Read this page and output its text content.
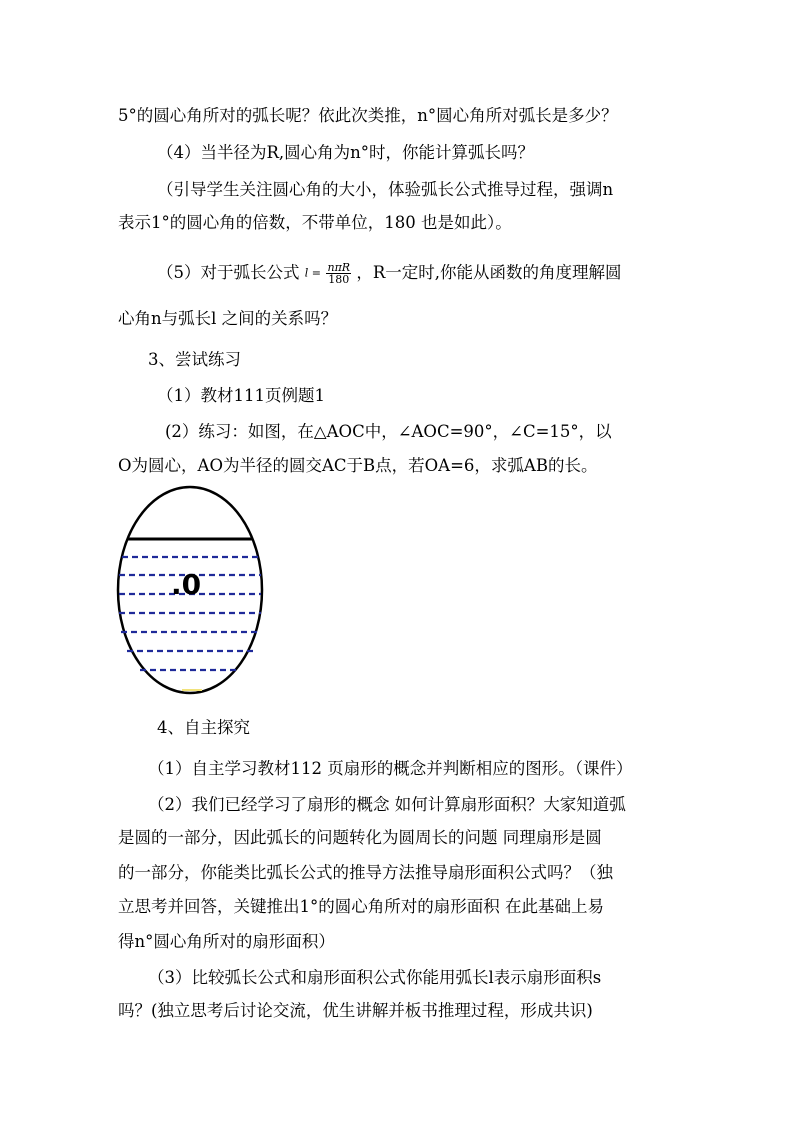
5°的圆心角所对的弧长呢？依此次类推，n°圆心角所对弧长是多少？
（4）当半径为R,圆心角为n°时，你能计算弧长吗？
（引导学生关注圆心角的大小，体验弧长公式推导过程，强调n
表示1°的圆心角的倍数，不带单位，180 也是如此）。
（5）对于弧长公式 $l = \frac{\text{nπR}}{180}$ ，R一定时,你能从函数的角度理解圆
心角n与弧长l 之间的关系吗？
3、尝试练习
（1）教材111页例题1
(2）练习：如图，在△AOC中，∠AOC=90°，∠C=15°，以
O为圆心，AO为半径的圆交AC于B点，若OA=6，求弧AB的长。
.0
4、自主探究
（1）自主学习教材112 页扇形的概念并判断相应的图形。（课件）
（2）我们已经学习了扇形的概念 如何计算扇形面积？大家知道弧
是圆的一部分，因此弧长的问题转化为圆周长的问题 同理扇形是圆
的一部分，你能类比弧长公式的推导方法推导扇形面积公式吗？（独
立思考并回答，关键推出1°的圆心角所对的扇形面积 在此基础上易
得n°圆心角所对的扇形面积）
（3）比较弧长公式和扇形面积公式你能用弧长l表示扇形面积s
吗？(独立思考后讨论交流，优生讲解并板书推理过程，形成共识)
